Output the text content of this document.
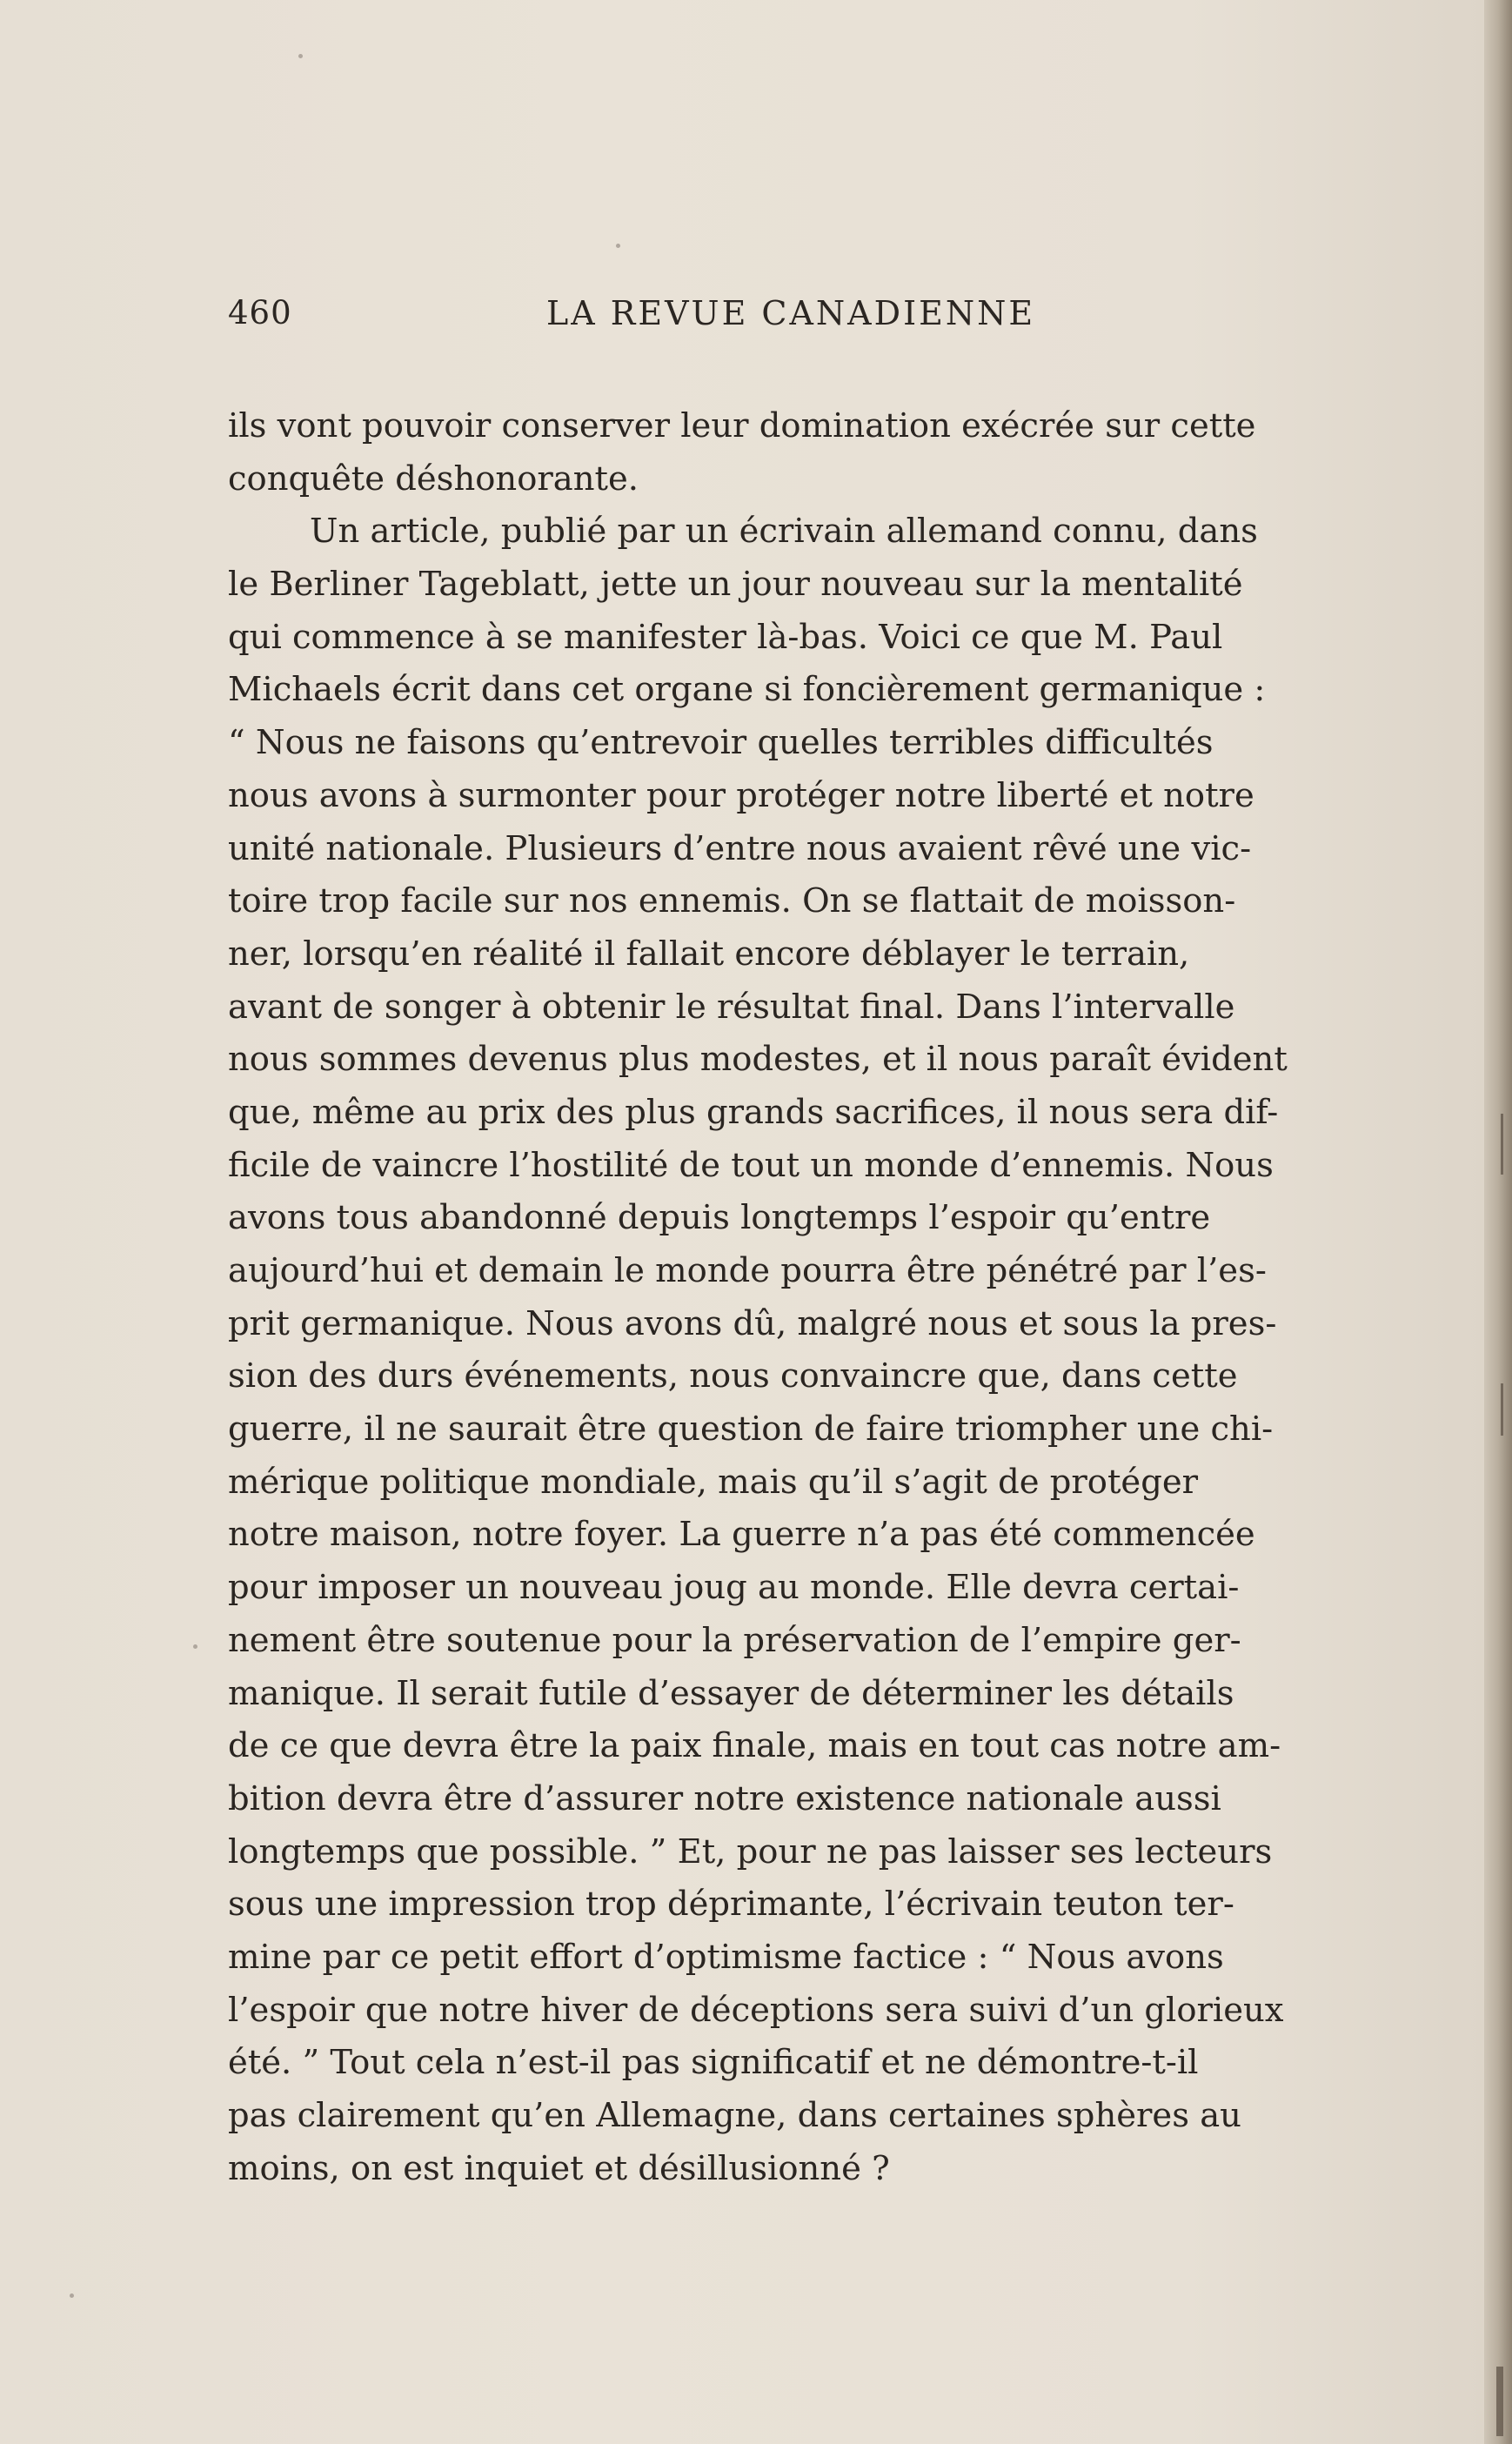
460	LA REVUE CANADIENNE
ils vont pouvoir conserver leur domination exécrée sur cette
conquête déshonorante.
Un article, publié par un écrivain allemand connu, dans
le Berliner Tageblatt, jette un jour nouveau sur la mentalité
qui commence à se manifester là-bas. Voici ce que M. Paul
Michaels écrit dans cet organe si foncièrement germanique :
“ Nous ne faisons qu’entrevoir quelles terribles difficultés
nous avons à surmonter pour protéger notre liberté et notre
unité nationale. Plusieurs d’entre nous avaient rêvé une vic-
toire trop facile sur nos ennemis. On se flattait de moisson-
ner, lorsqu’en réalité il fallait encore déblayer le terrain,
avant de songer à obtenir le résultat final. Dans l’intervalle
nous sommes devenus plus modestes, et il nous paraît évident
que, même au prix des plus grands sacrifices, il nous sera dif-
ficile de vaincre l’hostilité de tout un monde d’ennemis. Nous
avons tous abandonné depuis longtemps l’espoir qu’entre
aujourd’hui et demain le monde pourra être pénétré par l’es-
prit germanique. Nous avons dû, malgré nous et sous la pres-
sion des durs événements, nous convaincre que, dans cette
guerre, il ne saurait être question de faire triompher une chi-
mérique politique mondiale, mais qu’il s’agit de protéger
notre maison, notre foyer. La guerre n’a pas été commencée
pour imposer un nouveau joug au monde. Elle devra certai-
nement être soutenue pour la préservation de l’empire ger-
manique. Il serait futile d’essayer de déterminer les détails
de ce que devra être la paix finale, mais en tout cas notre am-
bition devra être d’assurer notre existence nationale aussi
longtemps que possible. ” Et, pour ne pas laisser ses lecteurs
sous une impression trop déprimante, l’écrivain teuton ter-
mine par ce petit effort d’optimisme factice : “ Nous avons
l’espoir que notre hiver de déceptions sera suivi d’un glorieux
été. ” Tout cela n’est-il pas significatif et ne démontre-t-il
pas clairement qu’en Allemagne, dans certaines sphères au
moins, on est inquiet et désillusionné ?
